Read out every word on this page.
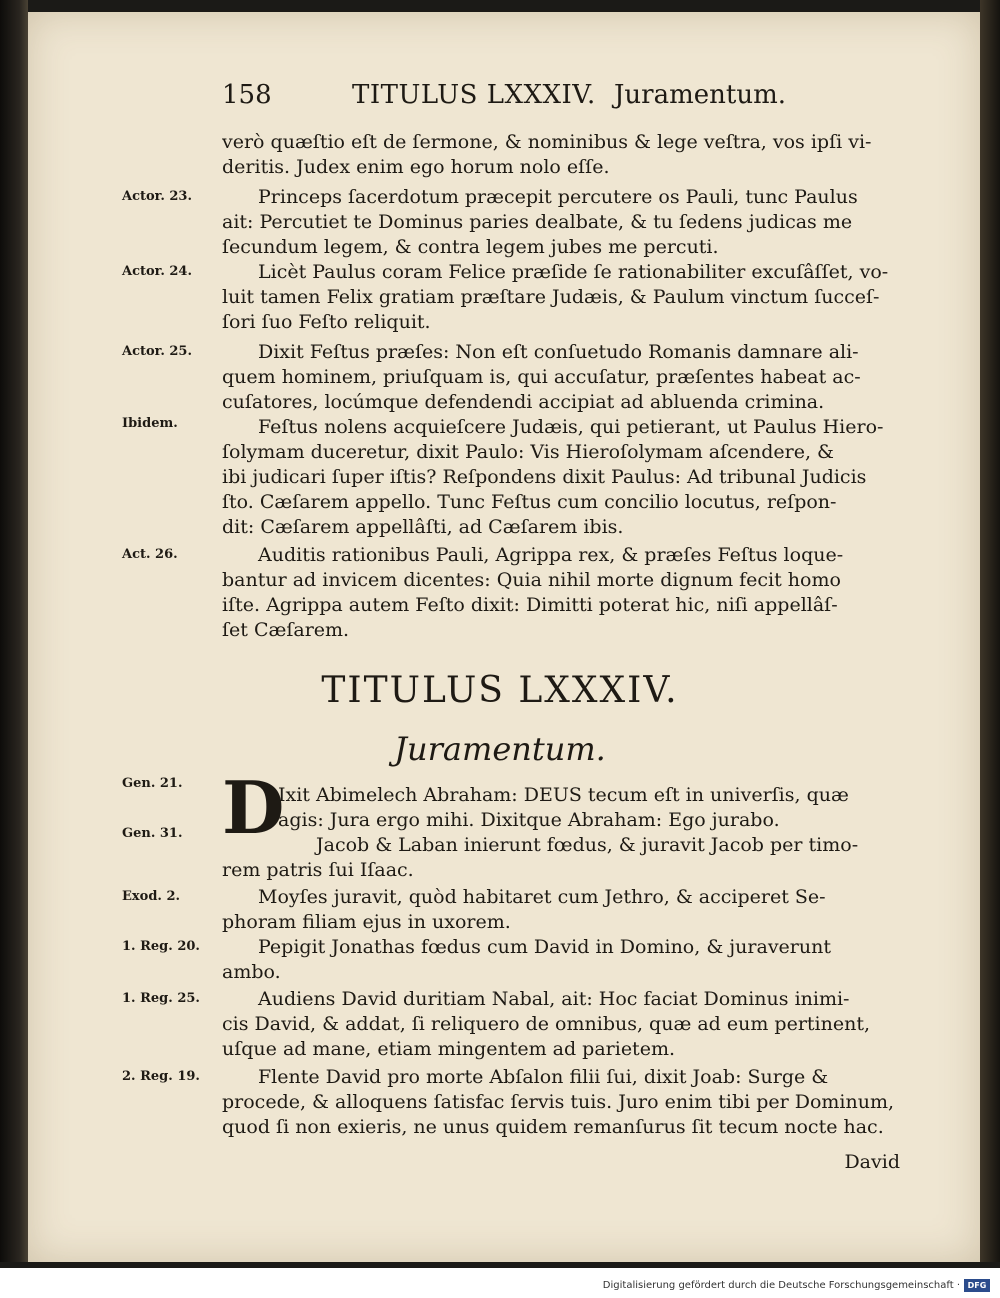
158	TITULUS LXXXIV. Juramentum.
verò quæſtio eſt de ſermone, & nominibus & lege veſtra, vos ipſi vi-
deritis. Judex enim ego horum nolo eſſe.
Actor. 23.	Princeps ſacerdotum præcepit percutere os Pauli, tunc Paulus
ait: Percutiet te Dominus paries dealbate, & tu ſedens judicas me
ſecundum legem, & contra legem jubes me percuti.
Actor. 24.	Licèt Paulus coram Felice præſide ſe rationabiliter excuſâſſet, vo-
luit tamen Felix gratiam præſtare Judæis, & Paulum vinctum ſucceſ-
ſori ſuo Feſto reliquit.
Actor. 25.	Dixit Feſtus præſes: Non eſt conſuetudo Romanis damnare ali-
quem hominem, priuſquam is, qui accuſatur, præſentes habeat ac-
cuſatores, locúmque defendendi accipiat ad abluenda crimina.
Ibidem.	Feſtus nolens acquieſcere Judæis, qui petierant, ut Paulus Hiero-
ſolymam duceretur, dixit Paulo: Vis Hieroſolymam aſcendere, &
ibi judicari ſuper iſtis? Reſpondens dixit Paulus: Ad tribunal Judicis
ſto. Cæſarem appello. Tunc Feſtus cum concilio locutus, reſpon-
dit: Cæſarem appellâſti, ad Cæſarem ibis.
Act. 26.	Auditis rationibus Pauli, Agrippa rex, & præſes Feſtus loque-
bantur ad invicem dicentes: Quia nihil morte dignum fecit homo
iſte. Agrippa autem Feſto dixit: Dimitti poterat hic, niſi appellâſ-
ſet Cæſarem.
TITULUS LXXXIV.
Juramentum.
D
Gen. 21.
Ixit Abimelech Abraham: DEUS tecum eſt in univerſis, quæ
agis: Jura ergo mihi. Dixitque Abraham: Ego jurabo.
Gen. 31.
Jacob & Laban inierunt fœdus, & juravit Jacob per timo-
rem patris ſui Iſaac.
Exod. 2.	Moyſes juravit, quòd habitaret cum Jethro, & acciperet Se-
phoram filiam ejus in uxorem.
1. Reg. 20.	Pepigit Jonathas fœdus cum David in Domino, & juraverunt
ambo.
1. Reg. 25.	Audiens David duritiam Nabal, ait: Hoc faciat Dominus inimi-
cis David, & addat, ſi reliquero de omnibus, quæ ad eum pertinent,
uſque ad mane, etiam mingentem ad parietem.
2. Reg. 19.	Flente David pro morte Abſalon filii ſui, dixit Joab: Surge &
procede, & alloquens ſatisfac ſervis tuis. Juro enim tibi per Dominum,
quod ſi non exieris, ne unus quidem remanſurus ſit tecum nocte hac.
David
Digitalisierung gefördert durch die Deutsche Forschungsgemeinschaft · DFG
